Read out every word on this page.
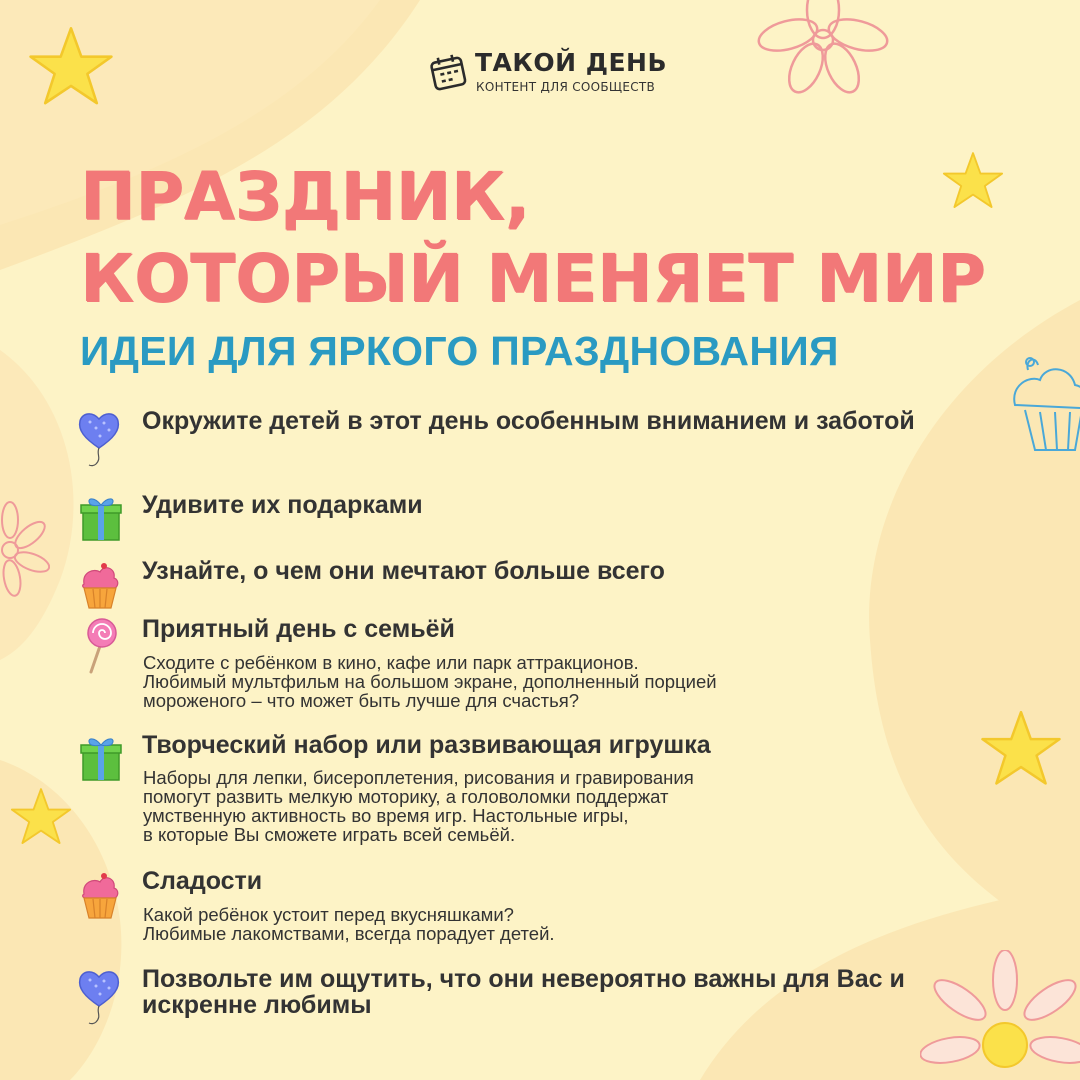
ТАКОЙ ДЕНЬ
КОНТЕНТ ДЛЯ СООБЩЕСТВ
ПРАЗДНИК,
КОТОРЫЙ МЕНЯЕТ МИР
ИДЕИ ДЛЯ ЯРКОГО ПРАЗДНОВАНИЯ
Окружите детей в этот день особенным вниманием и заботой
Удивите их подарками
Узнайте, о чем они мечтают больше всего
Приятный день с семьёй
Сходите с ребёнком в кино, кафе или парк аттракционов.
Любимый мультфильм на большом экране, дополненный порцией
мороженого – что может быть лучше для счастья?
Творческий набор или развивающая игрушка
Наборы для лепки, бисероплетения, рисования и гравирования
помогут развить мелкую моторику, а головоломки поддержат
умственную активность во время игр. Настольные игры,
в которые Вы сможете играть всей семьёй.
Сладости
Какой ребёнок устоит перед вкусняшками?
Любимые лакомствами, всегда порадует детей.
Позвольте им ощутить, что они невероятно важны для Вас и искренне любимы
